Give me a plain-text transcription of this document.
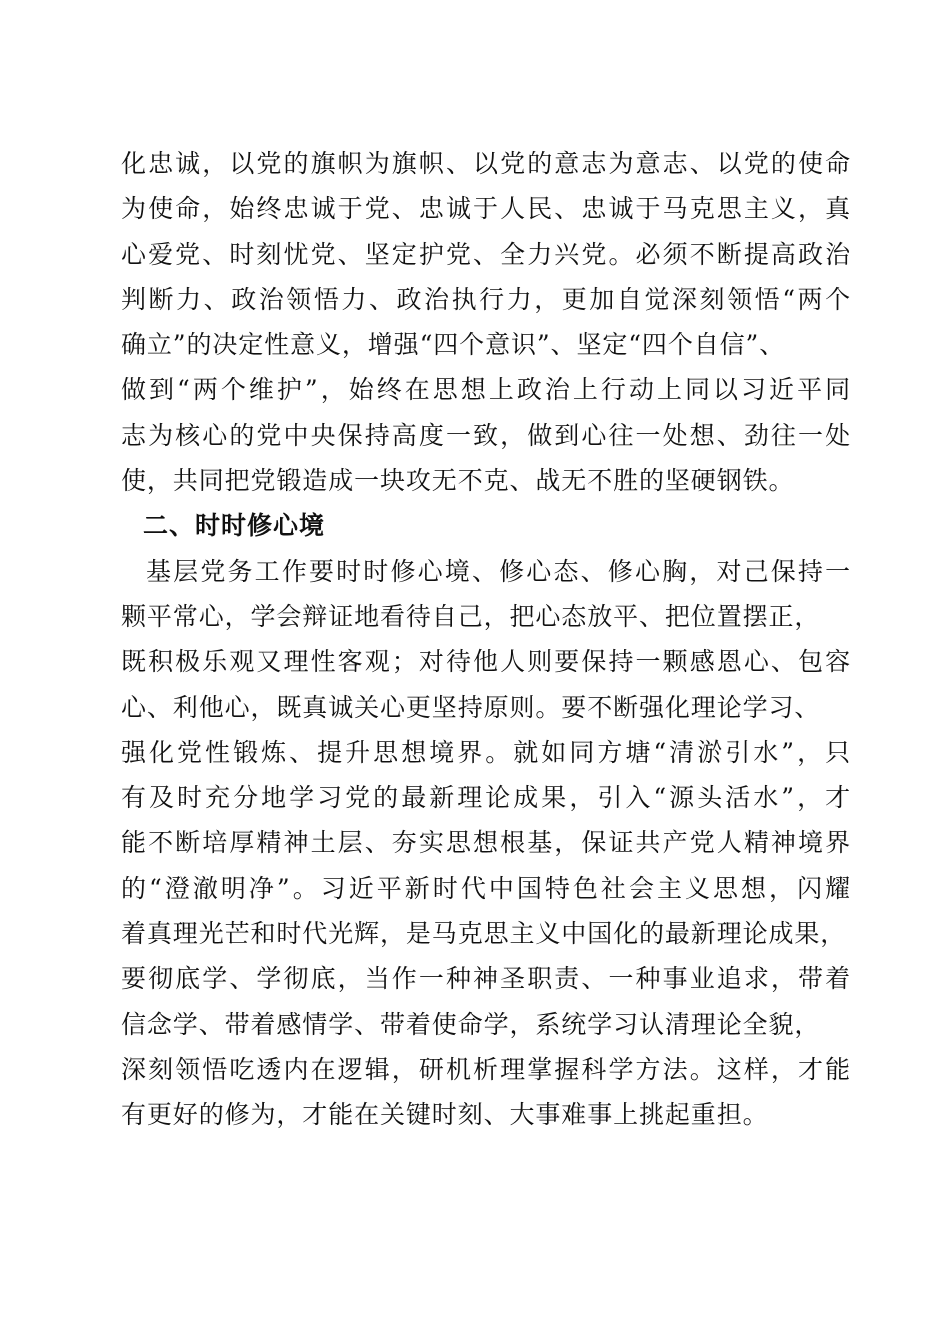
化忠诚，以党的旗帜为旗帜、以党的意志为意志、以党的使命
为使命，始终忠诚于党、忠诚于人民、忠诚于马克思主义，真
心爱党、时刻忧党、坚定护党、全力兴党。必须不断提高政治
判断力、政治领悟力、政治执行力，更加自觉深刻领悟“两个
确立”的决定性意义，增强“四个意识”、坚定“四个自信”、
做到“两个维护”，始终在思想上政治上行动上同以习近平同
志为核心的党中央保持高度一致，做到心往一处想、劲往一处
使，共同把党锻造成一块攻无不克、战无不胜的坚硬钢铁。
二、时时修心境
基层党务工作要时时修心境、修心态、修心胸，对己保持一
颗平常心，学会辩证地看待自己，把心态放平、把位置摆正，
既积极乐观又理性客观；对待他人则要保持一颗感恩心、包容
心、利他心，既真诚关心更坚持原则。要不断强化理论学习、
强化党性锻炼、提升思想境界。就如同方塘“清淤引水”，只
有及时充分地学习党的最新理论成果，引入“源头活水”，才
能不断培厚精神土层、夯实思想根基，保证共产党人精神境界
的“澄澈明净”。习近平新时代中国特色社会主义思想，闪耀
着真理光芒和时代光辉，是马克思主义中国化的最新理论成果，
要彻底学、学彻底，当作一种神圣职责、一种事业追求，带着
信念学、带着感情学、带着使命学，系统学习认清理论全貌，
深刻领悟吃透内在逻辑，研机析理掌握科学方法。这样，才能
有更好的修为，才能在关键时刻、大事难事上挑起重担。
